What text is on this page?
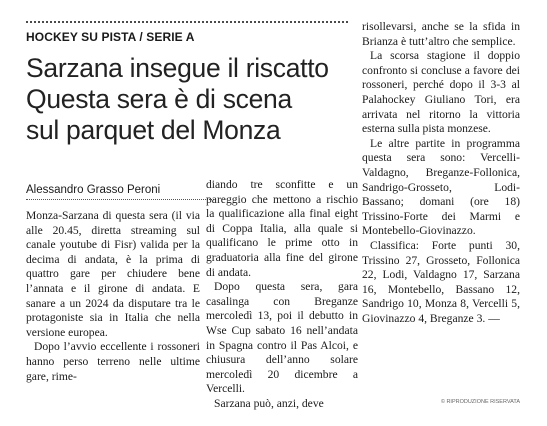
HOCKEY SU PISTA / SERIE A
Sarzana insegue il riscatto
Questa sera è di scena
sul parquet del Monza
Alessandro Grasso Peroni

Monza-Sarzana di questa sera (il via alle 20.45, diretta streaming sul canale youtube di Fisr) valida per la decima di andata, è la prima di quattro gare per chiudere bene l’annata e il girone di andata. E sanare a un 2024 da disputare tra le protagoniste sia in Italia che nella versione europea.

Dopo l’avvio eccellente i rossoneri hanno perso terreno nelle ultime gare, rime-

diando tre sconfitte e un pareggio che mettono a rischio la qualificazione alla final eight di Coppa Italia, alla quale si qualificano le prime otto in graduatoria alla fine del girone di andata.

Dopo questa sera, gara casalinga con Breganze mercoledì 13, poi il debutto in Wse Cup sabato 16 nell’andata in Spagna contro il Pas Alcoi, e chiusura dell’anno solare mercoledì 20 dicembre a Vercelli.

Sarzana può, anzi, deve

risollevarsi, anche se la sfida in Brianza è tutt’altro che semplice.

La scorsa stagione il doppio confronto si concluse a favore dei rossoneri, perché dopo il 3-3 al Palahockey Giuliano Tori, era arrivata nel ritorno la vittoria esterna sulla pista monzese.

Le altre partite in programma questa sera sono: Vercelli-Valdagno, Breganze-Follonica, Sandrigo-Grosseto, Lodi-Bassano; domani (ore 18) Trissino-Forte dei Marmi e Montebello-Giovinazzo.

Classifica: Forte punti 30, Trissino 27, Grosseto, Follonica 22, Lodi, Valdagno 17, Sarzana 16, Montebello, Bassano 12, Sandrigo 10, Monza 8, Vercelli 5, Giovinazzo 4, Breganze 3. —

© RIPRODUZIONE RISERVATA
